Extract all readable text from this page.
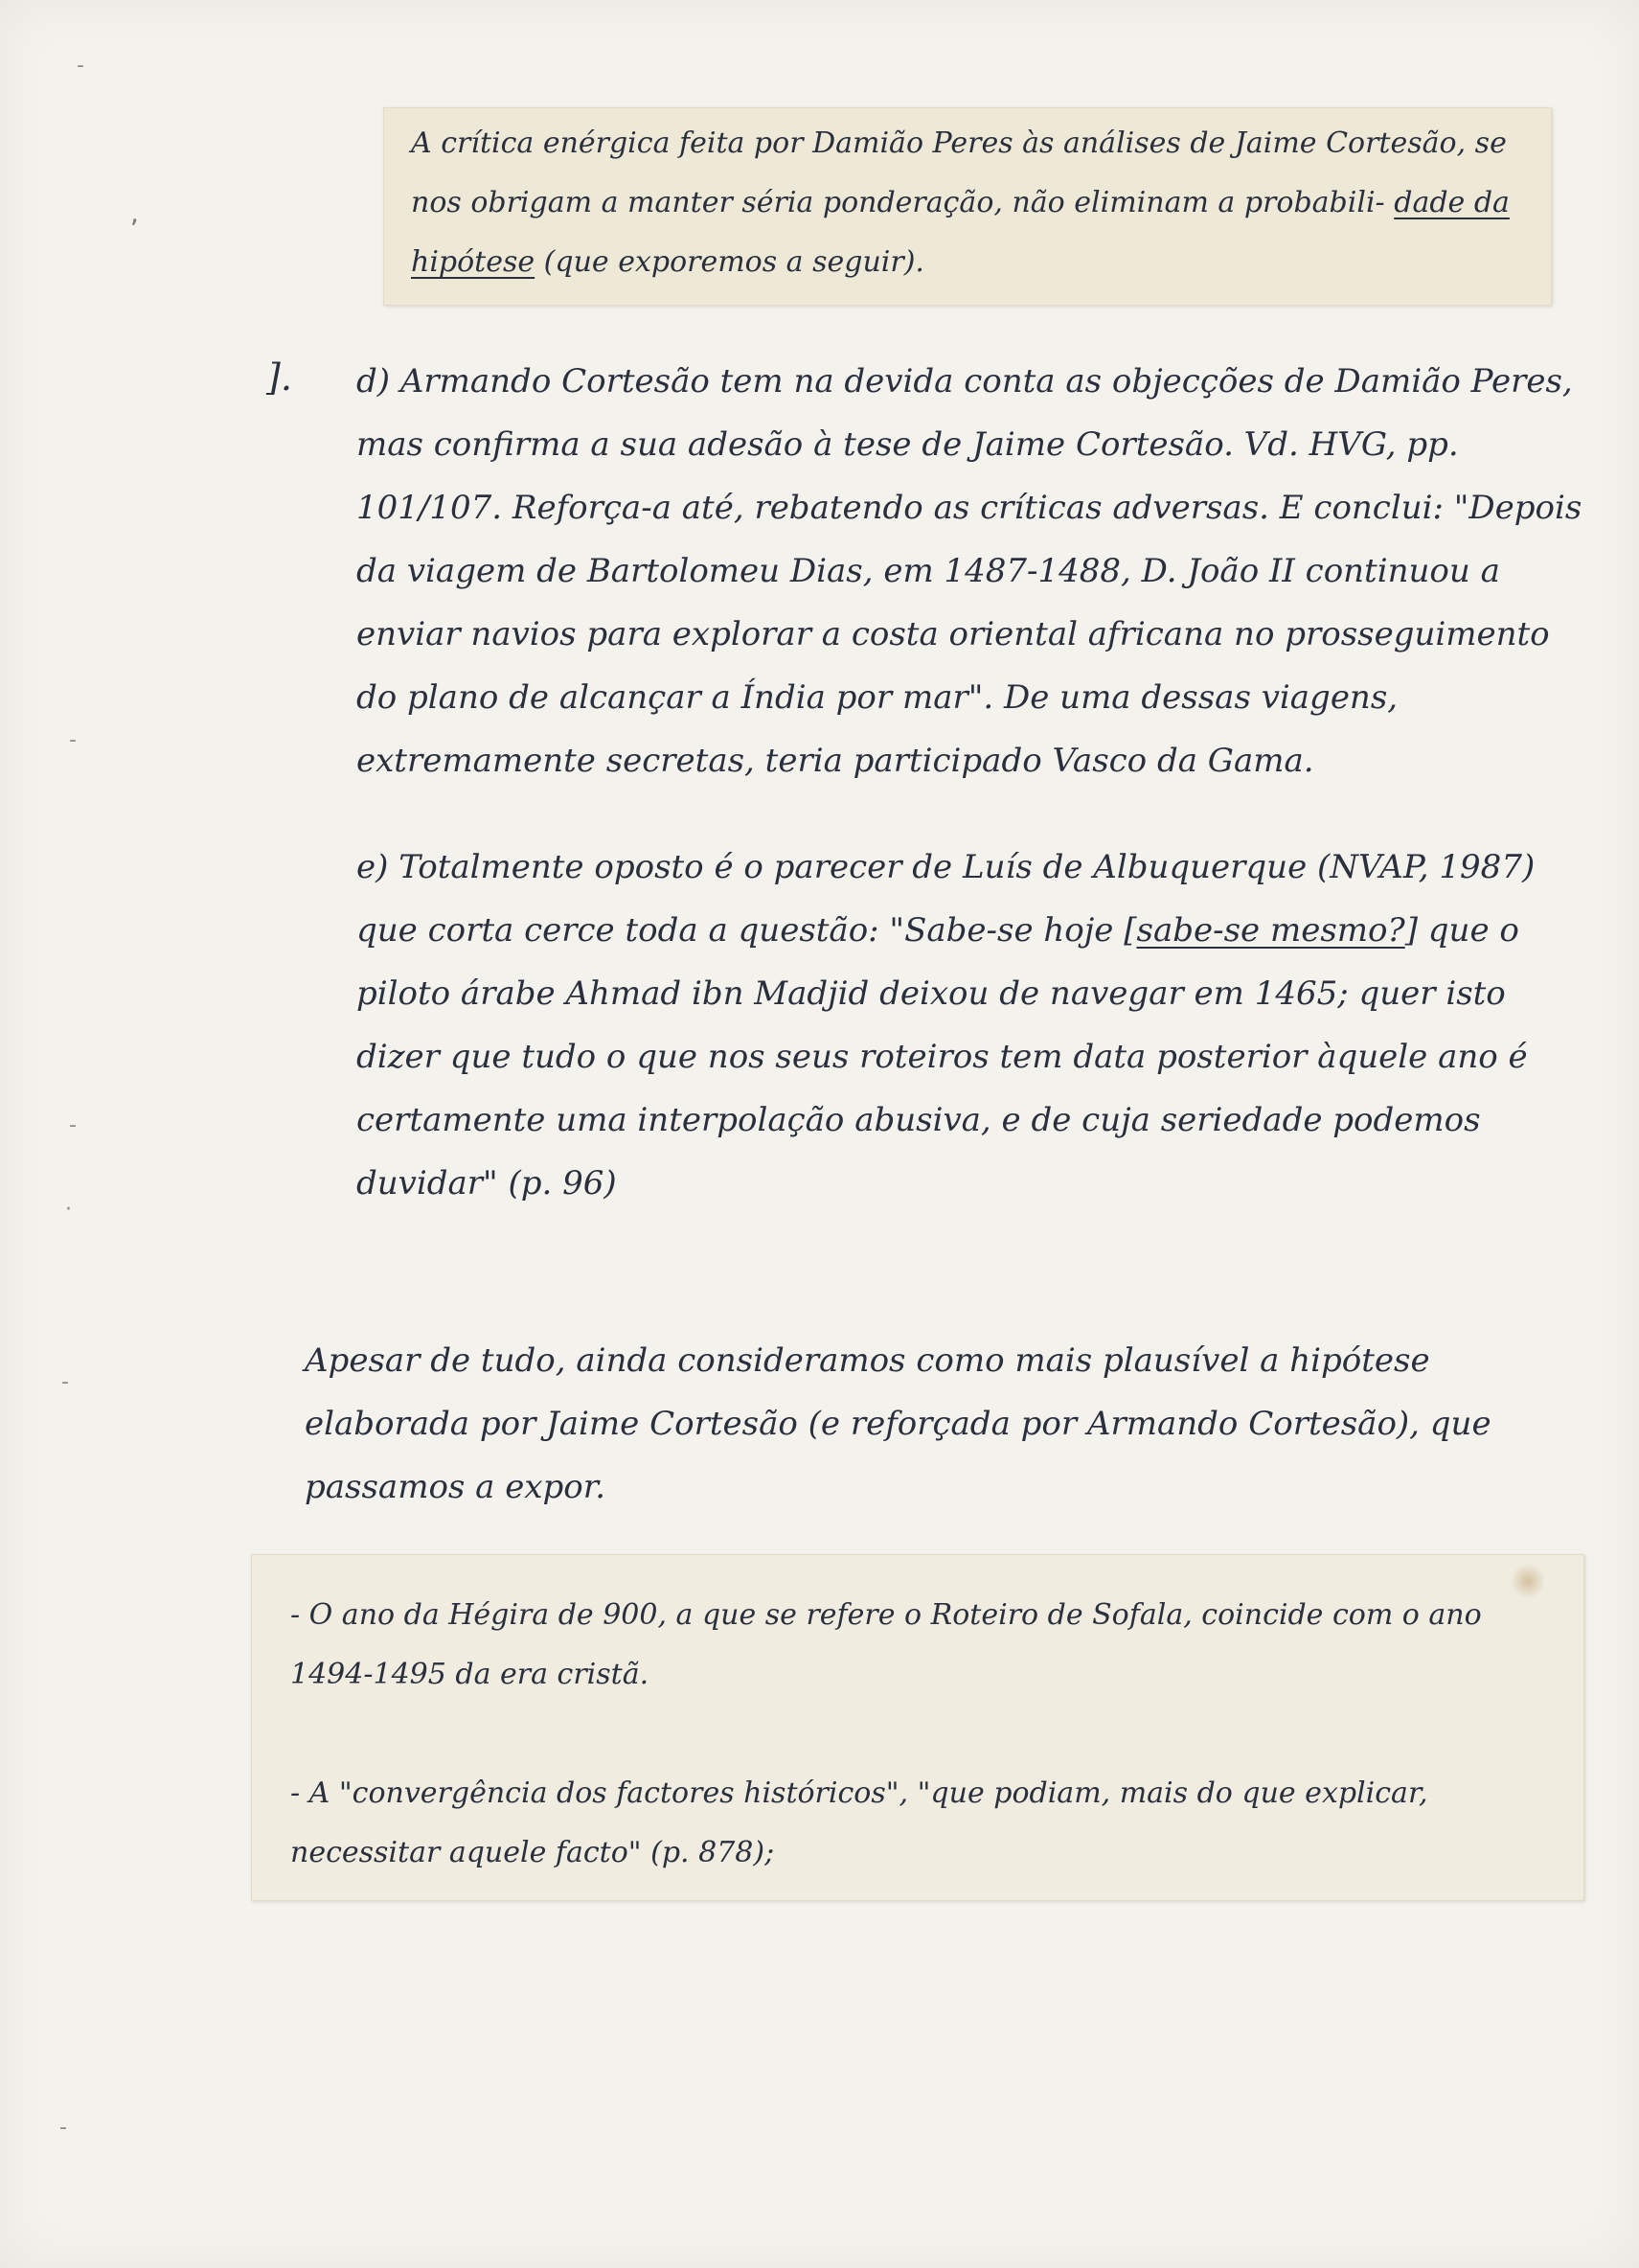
-
,
-
-
·
-
-

A crítica enérgica feita por Damião Peres às análises de Jaime Cortesão, se nos obrigam a manter séria ponderação, não eliminam a probabili- dade da hipótese (que exporemos a seguir).

]. d) Armando Cortesão tem na devida conta as objecções de Damião Peres, mas confirma a sua adesão à tese de Jaime Cortesão. Vd. HVG, pp. 101/107. Reforça-a até, rebatendo as críticas adversas. E conclui: "Depois da viagem de Bartolomeu Dias, em 1487-1488, D. João II continuou a enviar navios para explorar a costa oriental africana no prosseguimento do plano de alcançar a Índia por mar". De uma dessas viagens, extremamente secretas, teria participado Vasco da Gama.

e) Totalmente oposto é o parecer de Luís de Albuquerque (NVAP, 1987) que corta cerce toda a questão: "Sabe-se hoje [sabe-se mesmo?] que o piloto árabe Ahmad ibn Madjid deixou de navegar em 1465; quer isto dizer que tudo o que nos seus roteiros tem data posterior àquele ano é certamente uma interpolação abusiva, e de cuja seriedade podemos duvidar" (p. 96)

Apesar de tudo, ainda consideramos como mais plausível a hipótese elaborada por Jaime Cortesão (e reforçada por Armando Cortesão), que passamos a expor.

- O ano da Hégira de 900, a que se refere o Roteiro de Sofala, coincide com o ano 1494-1495 da era cristã.

- A "convergência dos factores históricos", "que podiam, mais do que explicar, necessitar aquele facto" (p. 878);
